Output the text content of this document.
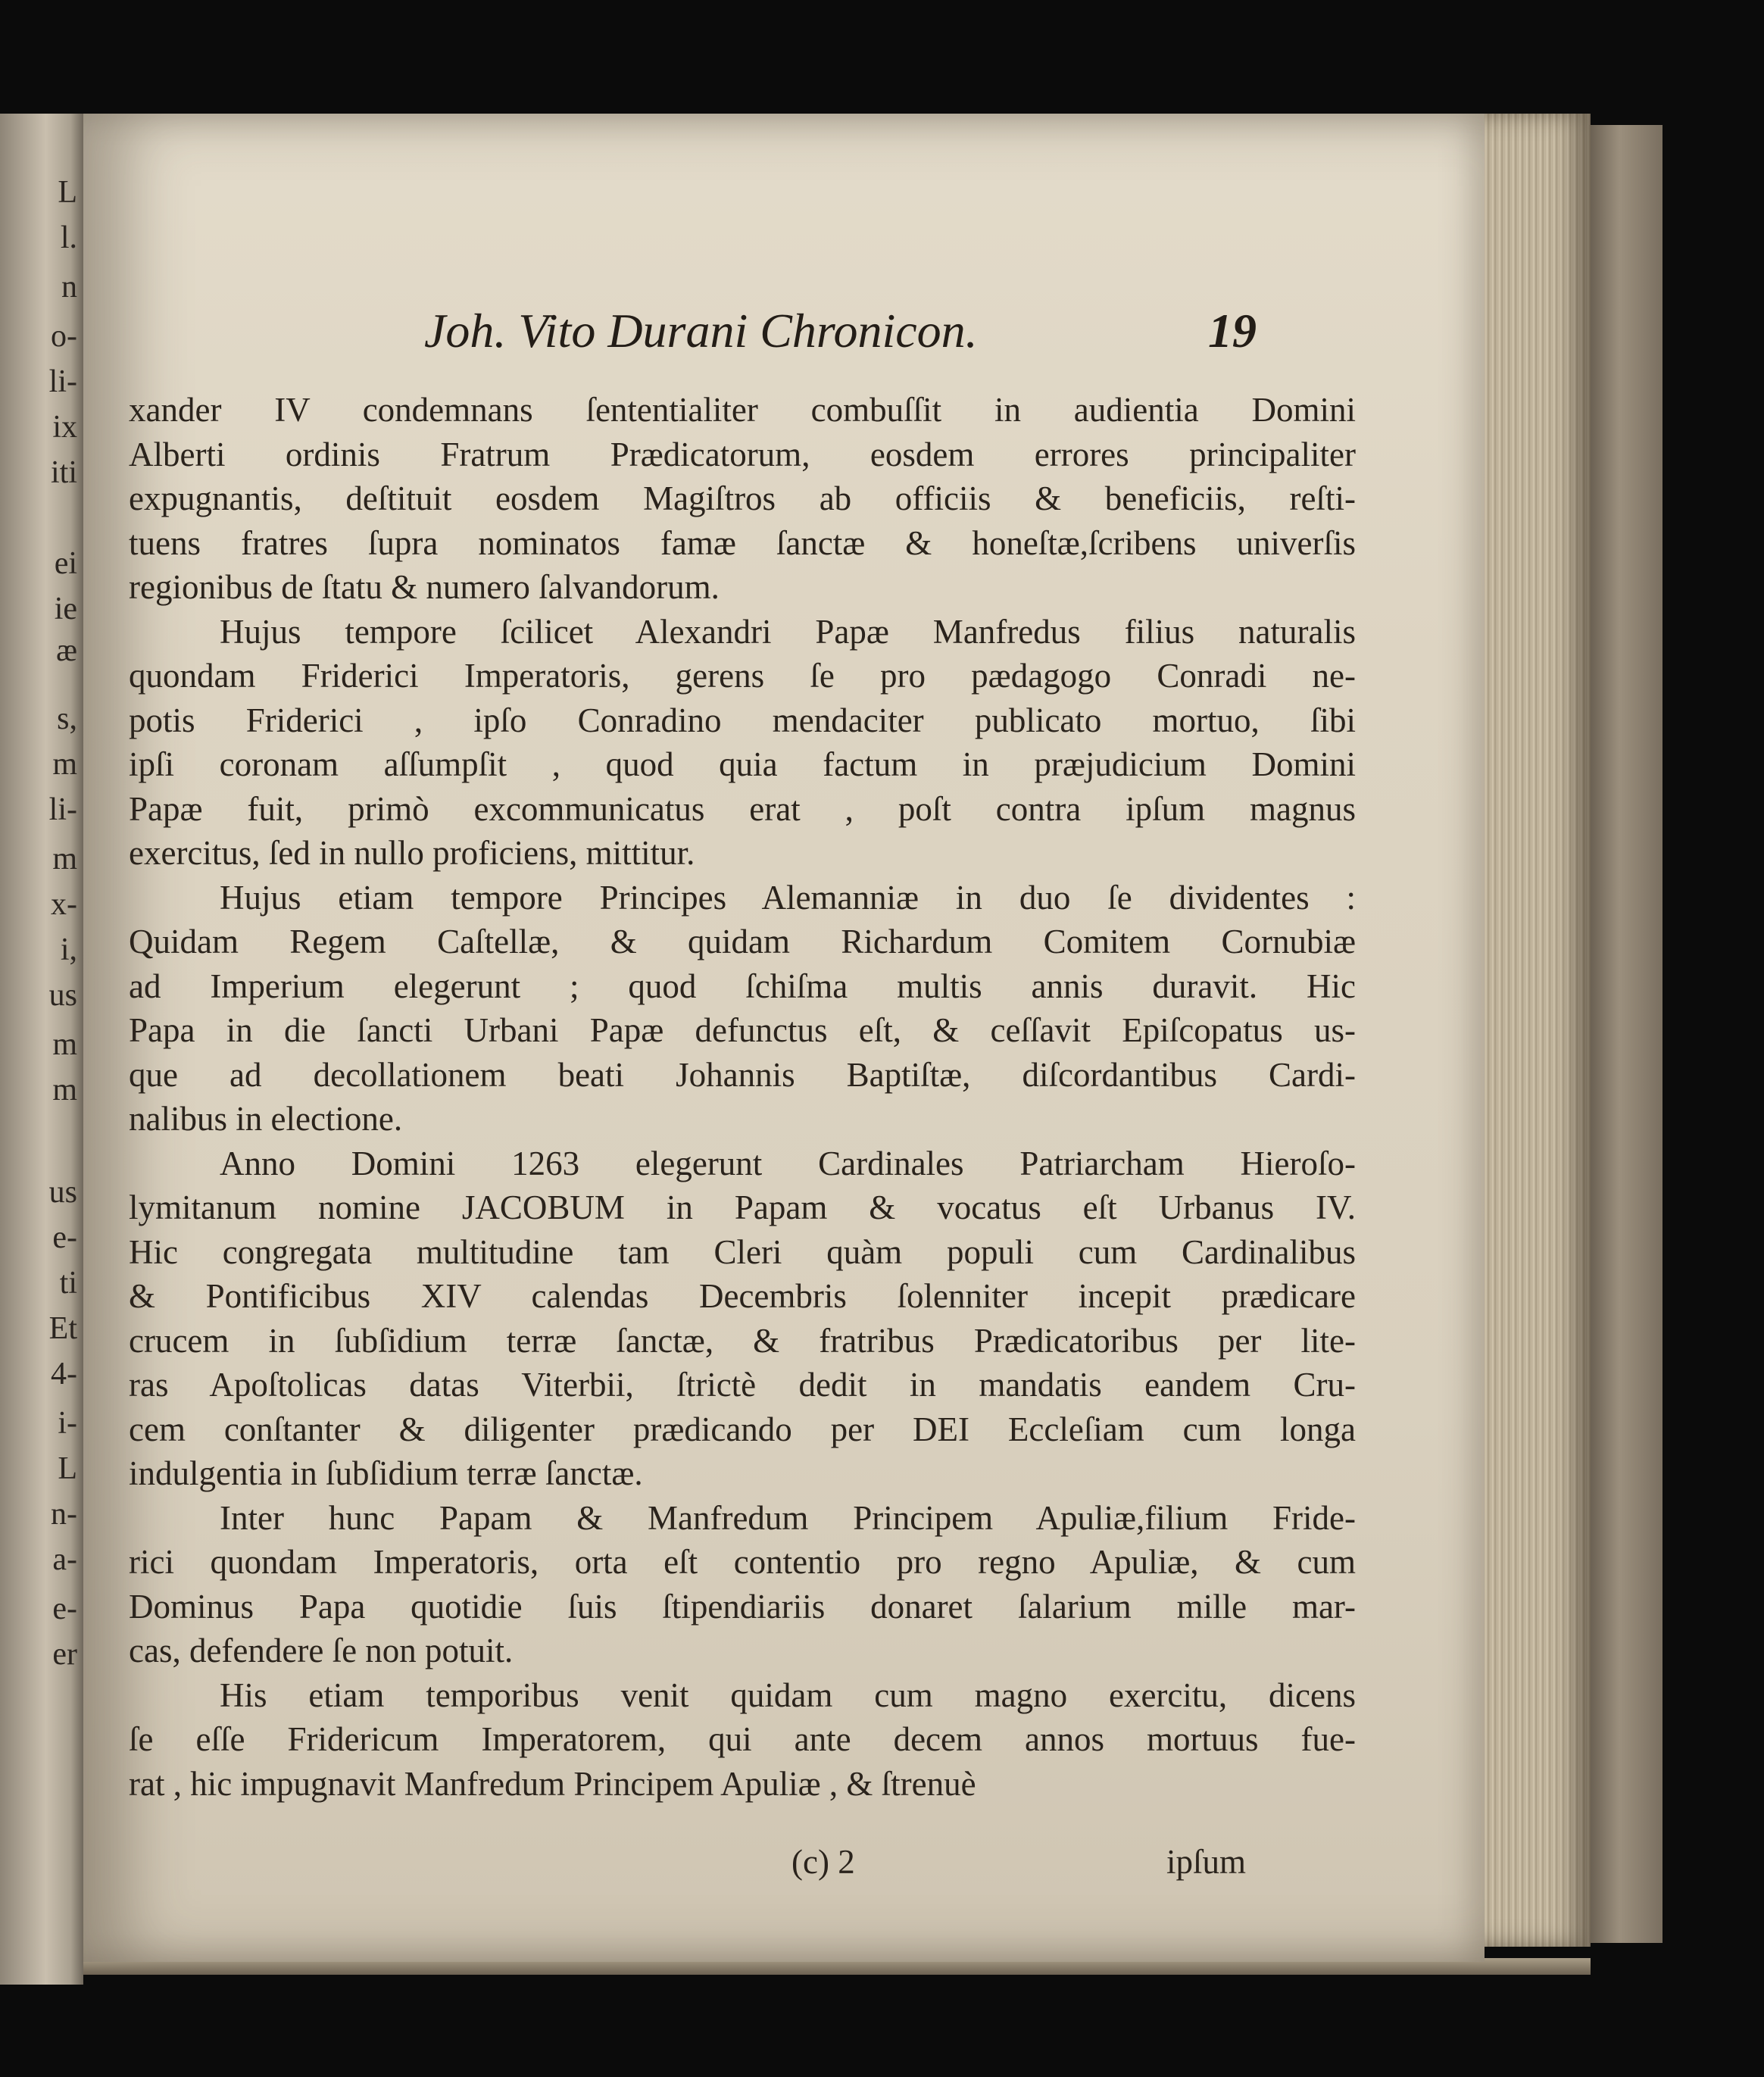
L
l.
n
o-
li-
ix
iti
ei
ie
æ
s,
m
li-
m
x-
i,
us
m
m
us
e-
ti
Et
4-
i-
L
n-
a-
e-
er
Joh. Vito Durani Chronicon.	19
xander IV condemnans ſententialiter combuſſit in audientia Domini
Alberti ordinis Fratrum Prædicatorum, eosdem errores principaliter
expugnantis, deſtituit eosdem Magiſtros ab officiis & beneficiis, reſti-
tuens fratres ſupra nominatos famæ ſanctæ & honeſtæ,ſcribens univerſis
regionibus de ſtatu & numero ſalvandorum.
Hujus tempore ſcilicet Alexandri Papæ Manfredus filius naturalis
quondam Friderici Imperatoris, gerens ſe pro pædagogo Conradi ne-
potis Friderici , ipſo Conradino mendaciter publicato mortuo, ſibi
ipſi coronam aſſumpſit , quod quia factum in præjudicium Domini
Papæ fuit, primò excommunicatus erat , poſt contra ipſum magnus
exercitus, ſed in nullo proficiens, mittitur.
Hujus etiam tempore Principes Alemanniæ in duo ſe dividentes :
Quidam Regem Caſtellæ, & quidam Richardum Comitem Cornubiæ
ad Imperium elegerunt ; quod ſchiſma multis annis duravit. Hic
Papa in die ſancti Urbani Papæ defunctus eſt, & ceſſavit Epiſcopatus us-
que ad decollationem beati Johannis Baptiſtæ, diſcordantibus Cardi-
nalibus in electione.
Anno Domini 1263 elegerunt Cardinales Patriarcham Hieroſo-
lymitanum nomine JACOBUM in Papam & vocatus eſt Urbanus IV.
Hic congregata multitudine tam Cleri quàm populi cum Cardinalibus
& Pontificibus XIV calendas Decembris ſolenniter incepit prædicare
crucem in ſubſidium terræ ſanctæ, & fratribus Prædicatoribus per lite-
ras Apoſtolicas datas Viterbii, ſtrictè dedit in mandatis eandem Cru-
cem conſtanter & diligenter prædicando per DEI Eccleſiam cum longa
indulgentia in ſubſidium terræ ſanctæ.
Inter hunc Papam & Manfredum Principem Apuliæ,filium Fride-
rici quondam Imperatoris, orta eſt contentio pro regno Apuliæ, & cum
Dominus Papa quotidie ſuis ſtipendiariis donaret ſalarium mille mar-
cas, defendere ſe non potuit.
His etiam temporibus venit quidam cum magno exercitu, dicens
ſe eſſe Fridericum Imperatorem, qui ante decem annos mortuus fue-
rat , hic impugnavit Manfredum Principem Apuliæ , & ſtrenuè
(c) 2	ipſum
